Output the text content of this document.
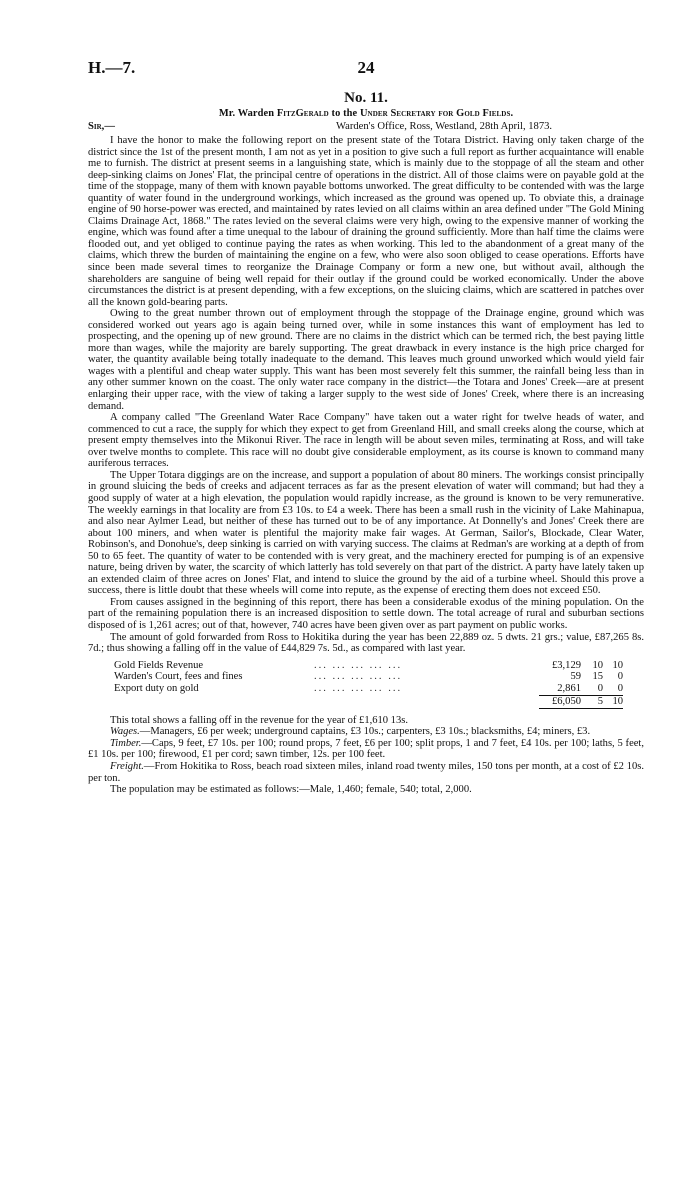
H.—7.	24
No. 11.
Mr. Warden FitzGerald to the Under Secretary for Gold Fields.
Sir,—	Warden's Office, Ross, Westland, 28th April, 1873.

I have the honor to make the following report on the present state of the Totara District. Having only taken charge of the district since the 1st of the present month, I am not as yet in a position to give such a full report as further acquaintance will enable me to furnish. The district at present seems in a languishing state, which is mainly due to the stoppage of all the steam and other deep-sinking claims on Jones' Flat, the principal centre of operations in the district. All of those claims were on payable gold at the time of the stoppage, many of them with known payable bottoms unworked. The great difficulty to be contended with was the large quantity of water found in the underground workings, which increased as the ground was opened up. To obviate this, a drainage engine of 90 horse-power was erected, and maintained by rates levied on all claims within an area defined under "The Gold Mining Claims Drainage Act, 1868." The rates levied on the several claims were very high, owing to the expensive manner of working the engine, which was found after a time unequal to the labour of draining the ground sufficiently. More than half time the claims were flooded out, and yet obliged to continue paying the rates as when working. This led to the abandonment of a great many of the claims, which threw the burden of maintaining the engine on a few, who were also soon obliged to cease operations. Efforts have since been made several times to reorganize the Drainage Company or form a new one, but without avail, although the shareholders are sanguine of being well repaid for their outlay if the ground could be worked economically. Under the above circumstances the district is at present depending, with a few exceptions, on the sluicing claims, which are scattered in patches over all the known gold-bearing parts.

Owing to the great number thrown out of employment through the stoppage of the Drainage engine, ground which was considered worked out years ago is again being turned over, while in some instances this want of employment has led to prospecting, and the opening up of new ground. There are no claims in the district which can be termed rich, the best paying little more than wages, while the majority are barely supporting. The great drawback in every instance is the high price charged for water, the quantity available being totally inadequate to the demand. This leaves much ground unworked which would yield fair wages with a plentiful and cheap water supply. This want has been most severely felt this summer, the rainfall being less than in any other summer known on the coast. The only water race company in the district—the Totara and Jones' Creek—are at present enlarging their upper race, with the view of taking a larger supply to the west side of Jones' Creek, where there is an increasing demand.

A company called "The Greenland Water Race Company" have taken out a water right for twelve heads of water, and commenced to cut a race, the supply for which they expect to get from Greenland Hill, and small creeks along the course, which at present empty themselves into the Mikonui River. The race in length will be about seven miles, terminating at Ross, and will take over twelve months to complete. This race will no doubt give considerable employment, as its course is known to command many auriferous terraces.

The Upper Totara diggings are on the increase, and support a population of about 80 miners. The workings consist principally in ground sluicing the beds of creeks and adjacent terraces as far as the present elevation of water will command; but had they a good supply of water at a high elevation, the population would rapidly increase, as the ground is known to be very remunerative. The weekly earnings in that locality are from £3 10s. to £4 a week. There has been a small rush in the vicinity of Lake Mahinapua, and also near Aylmer Lead, but neither of these has turned out to be of any importance. At Donnelly's and Jones' Creek there are about 100 miners, and when water is plentiful the majority make fair wages. At German, Sailor's, Blockade, Clear Water, Robinson's, and Donohue's, deep sinking is carried on with varying success. The claims at Redman's are working at a depth of from 50 to 65 feet. The quantity of water to be contended with is very great, and the machinery erected for pumping is of an expensive nature, being driven by water, the scarcity of which latterly has told severely on that part of the district. A party have lately taken up an extended claim of three acres on Jones' Flat, and intend to sluice the ground by the aid of a turbine wheel. Should this prove a success, there is little doubt that these wheels will come into repute, as the expense of erecting them does not exceed £50.

From causes assigned in the beginning of this report, there has been a considerable exodus of the mining population. On the part of the remaining population there is an increased disposition to settle down. The total acreage of rural and suburban sections disposed of is 1,261 acres; out of that, however, 740 acres have been given over as part payment on public works.

The amount of gold forwarded from Ross to Hokitika during the year has been 22,889 oz. 5 dwts. 21 grs.; value, £87,265 8s. 7d.; thus showing a falling off in the value of £44,829 7s. 5d., as compared with last year.

Gold Fields Revenue	... ... ... ... ...	£3,129	10	10
Warden's Court, fees and fines	... ... ... ... ...	59	15	0
Export duty on gold	... ... ... ... ...	2,861	0	0

		£6,050	5	10

This total shows a falling off in the revenue for the year of £1,610 13s.

Wages.—Managers, £6 per week; underground captains, £3 10s.; carpenters, £3 10s.; blacksmiths, £4; miners, £3.

Timber.—Caps, 9 feet, £7 10s. per 100; round props, 7 feet, £6 per 100; split props, 1 and 7 feet, £4 10s. per 100; laths, 5 feet, £1 10s. per 100; firewood, £1 per cord; sawn timber, 12s. per 100 feet.

Freight.—From Hokitika to Ross, beach road sixteen miles, inland road twenty miles, 150 tons per month, at a cost of £2 10s. per ton.

The population may be estimated as follows:—Male, 1,460; female, 540; total, 2,000.
